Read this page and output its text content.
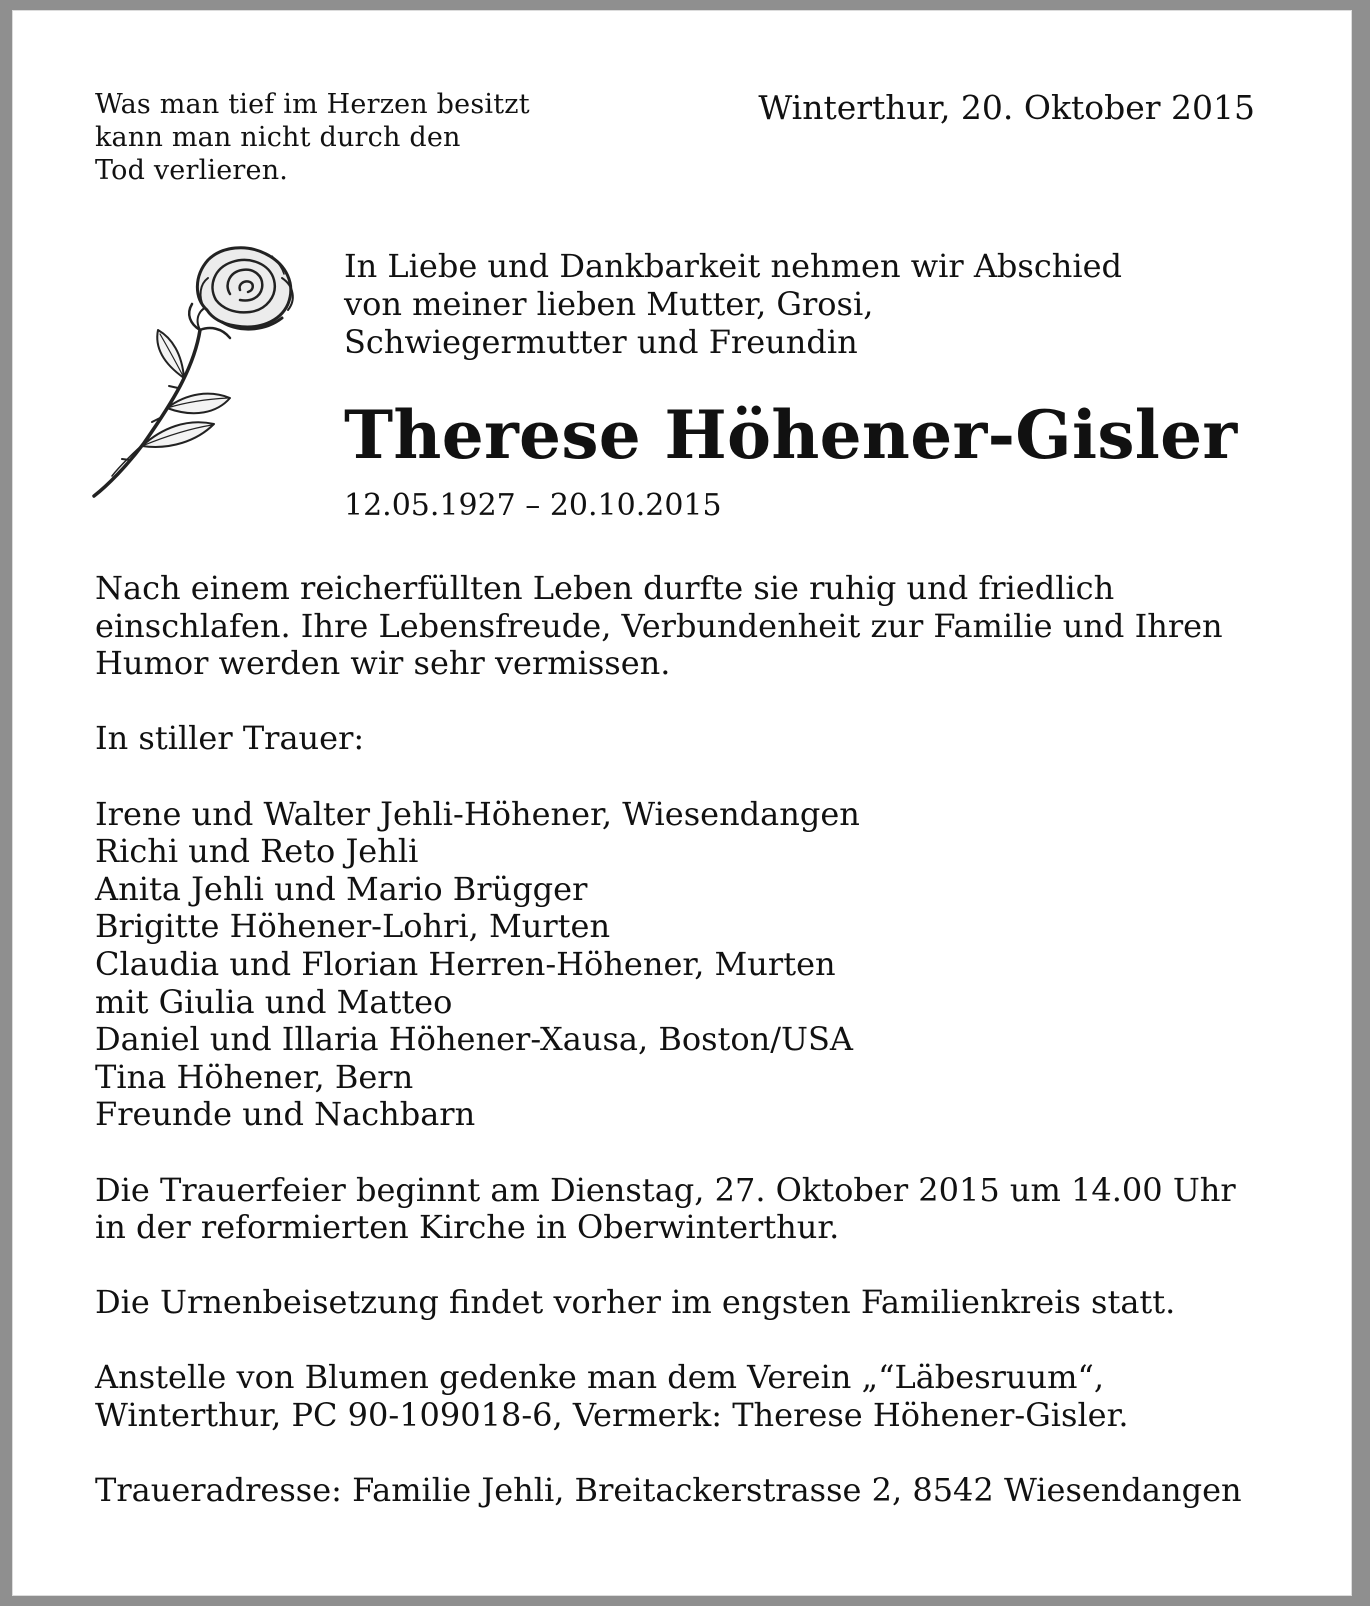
Was man tief im Herzen besitzt
kann man nicht durch den
Tod verlieren.
Winterthur, 20. Oktober 2015
In Liebe und Dankbarkeit nehmen wir Abschied
von meiner lieben Mutter, Grosi,
Schwiegermutter und Freundin
Therese Höhener-Gisler
12.05.1927 – 20.10.2015
Nach einem reicherfüllten Leben durfte sie ruhig und friedlich
einschlafen. Ihre Lebensfreude, Verbundenheit zur Familie und Ihren
Humor werden wir sehr vermissen.
In stiller Trauer:
Irene und Walter Jehli-Höhener, Wiesendangen
Richi und Reto Jehli
Anita Jehli und Mario Brügger
Brigitte Höhener-Lohri, Murten
Claudia und Florian Herren-Höhener, Murten
mit Giulia und Matteo
Daniel und Illaria Höhener-Xausa, Boston/USA
Tina Höhener, Bern
Freunde und Nachbarn
Die Trauerfeier beginnt am Dienstag, 27. Oktober 2015 um 14.00 Uhr
in der reformierten Kirche in Oberwinterthur.
Die Urnenbeisetzung findet vorher im engsten Familienkreis statt.
Anstelle von Blumen gedenke man dem Verein „“Läbesruum“,
Winterthur, PC 90-109018-6, Vermerk: Therese Höhener-Gisler.
Traueradresse: Familie Jehli, Breitackerstrasse 2, 8542 Wiesendangen
